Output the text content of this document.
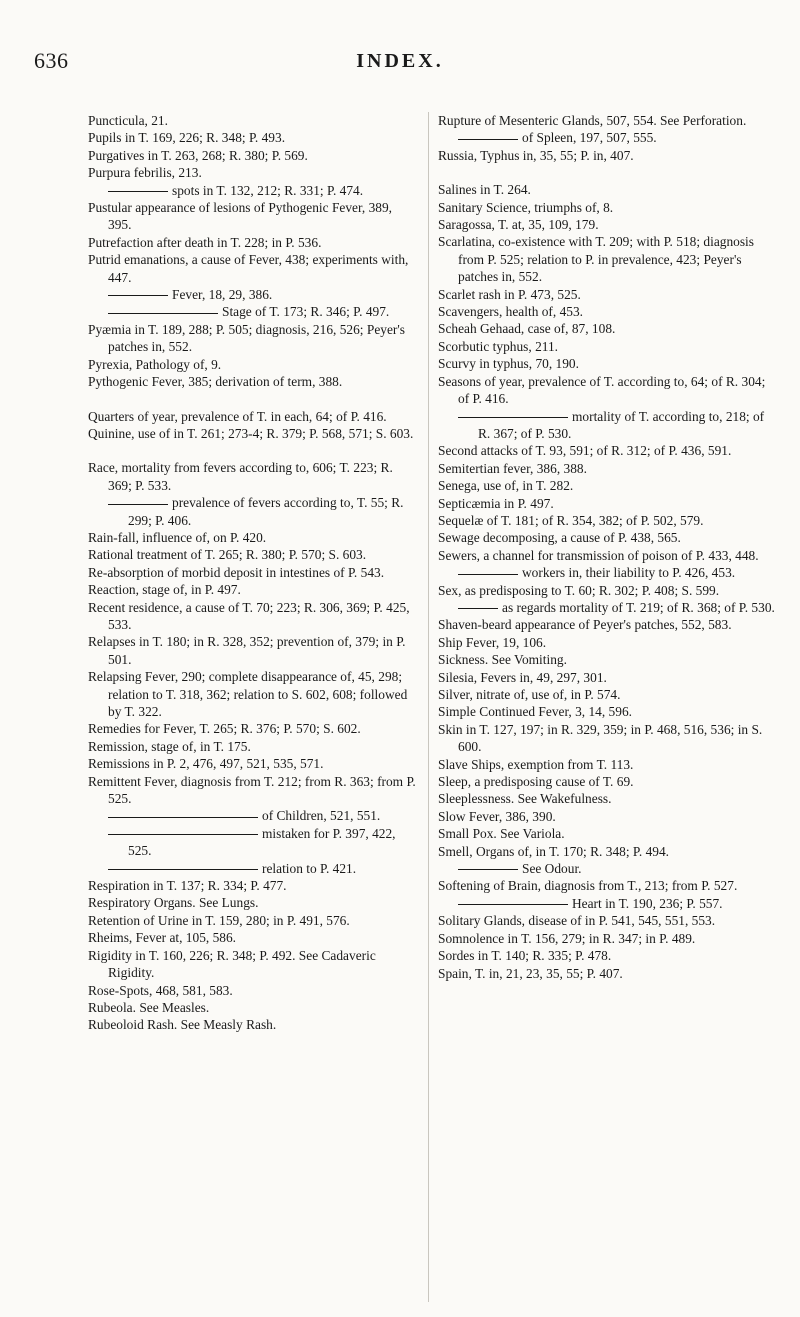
636	INDEX.
Puncticula, 21.
Pupils in T. 169, 226; R. 348; P. 493.
Purgatives in T. 263, 268; R. 380; P. 569.
Purpura febrilis, 213.
spots in T. 132, 212; R. 331; P. 474.
Pustular appearance of lesions of Pythogenic Fever, 389, 395.
Putrefaction after death in T. 228; in P. 536.
Putrid emanations, a cause of Fever, 438; experiments with, 447.
Fever, 18, 29, 386.
Stage of T. 173; R. 346; P. 497.
Pyæmia in T. 189, 288; P. 505; diagnosis, 216, 526; Peyer's patches in, 552.
Pyrexia, Pathology of, 9.
Pythogenic Fever, 385; derivation of term, 388.
Quarters of year, prevalence of T. in each, 64; of P. 416.
Quinine, use of in T. 261; 273-4; R. 379; P. 568, 571; S. 603.
Race, mortality from fevers according to, 606; T. 223; R. 369; P. 533.
prevalence of fevers according to, T. 55; R. 299; P. 406.
Rain-fall, influence of, on P. 420.
Rational treatment of T. 265; R. 380; P. 570; S. 603.
Re-absorption of morbid deposit in intestines of P. 543.
Reaction, stage of, in P. 497.
Recent residence, a cause of T. 70; 223; R. 306, 369; P. 425, 533.
Relapses in T. 180; in R. 328, 352; prevention of, 379; in P. 501.
Relapsing Fever, 290; complete disappearance of, 45, 298; relation to T. 318, 362; relation to S. 602, 608; followed by T. 322.
Remedies for Fever, T. 265; R. 376; P. 570; S. 602.
Remission, stage of, in T. 175.
Remissions in P. 2, 476, 497, 521, 535, 571.
Remittent Fever, diagnosis from T. 212; from R. 363; from P. 525.
of Children, 521, 551.
mistaken for P. 397, 422, 525.
relation to P. 421.
Respiration in T. 137; R. 334; P. 477.
Respiratory Organs. See Lungs.
Retention of Urine in T. 159, 280; in P. 491, 576.
Rheims, Fever at, 105, 586.
Rigidity in T. 160, 226; R. 348; P. 492. See Cadaveric Rigidity.
Rose-Spots, 468, 581, 583.
Rubeola. See Measles.
Rubeoloid Rash. See Measly Rash.
Rupture of Mesenteric Glands, 507, 554. See Perforation.
of Spleen, 197, 507, 555.
Russia, Typhus in, 35, 55; P. in, 407.
Salines in T. 264.
Sanitary Science, triumphs of, 8.
Saragossa, T. at, 35, 109, 179.
Scarlatina, co-existence with T. 209; with P. 518; diagnosis from P. 525; relation to P. in prevalence, 423; Peyer's patches in, 552.
Scarlet rash in P. 473, 525.
Scavengers, health of, 453.
Scheah Gehaad, case of, 87, 108.
Scorbutic typhus, 211.
Scurvy in typhus, 70, 190.
Seasons of year, prevalence of T. according to, 64; of R. 304; of P. 416.
mortality of T. according to, 218; of R. 367; of P. 530.
Second attacks of T. 93, 591; of R. 312; of P. 436, 591.
Semitertian fever, 386, 388.
Senega, use of, in T. 282.
Septicæmia in P. 497.
Sequelæ of T. 181; of R. 354, 382; of P. 502, 579.
Sewage decomposing, a cause of P. 438, 565.
Sewers, a channel for transmission of poison of P. 433, 448.
workers in, their liability to P. 426, 453.
Sex, as predisposing to T. 60; R. 302; P. 408; S. 599.
as regards mortality of T. 219; of R. 368; of P. 530.
Shaven-beard appearance of Peyer's patches, 552, 583.
Ship Fever, 19, 106.
Sickness. See Vomiting.
Silesia, Fevers in, 49, 297, 301.
Silver, nitrate of, use of, in P. 574.
Simple Continued Fever, 3, 14, 596.
Skin in T. 127, 197; in R. 329, 359; in P. 468, 516, 536; in S. 600.
Slave Ships, exemption from T. 113.
Sleep, a predisposing cause of T. 69.
Sleeplessness. See Wakefulness.
Slow Fever, 386, 390.
Small Pox. See Variola.
Smell, Organs of, in T. 170; R. 348; P. 494.
See Odour.
Softening of Brain, diagnosis from T., 213; from P. 527.
Heart in T. 190, 236; P. 557.
Solitary Glands, disease of in P. 541, 545, 551, 553.
Somnolence in T. 156, 279; in R. 347; in P. 489.
Sordes in T. 140; R. 335; P. 478.
Spain, T. in, 21, 23, 35, 55; P. 407.
